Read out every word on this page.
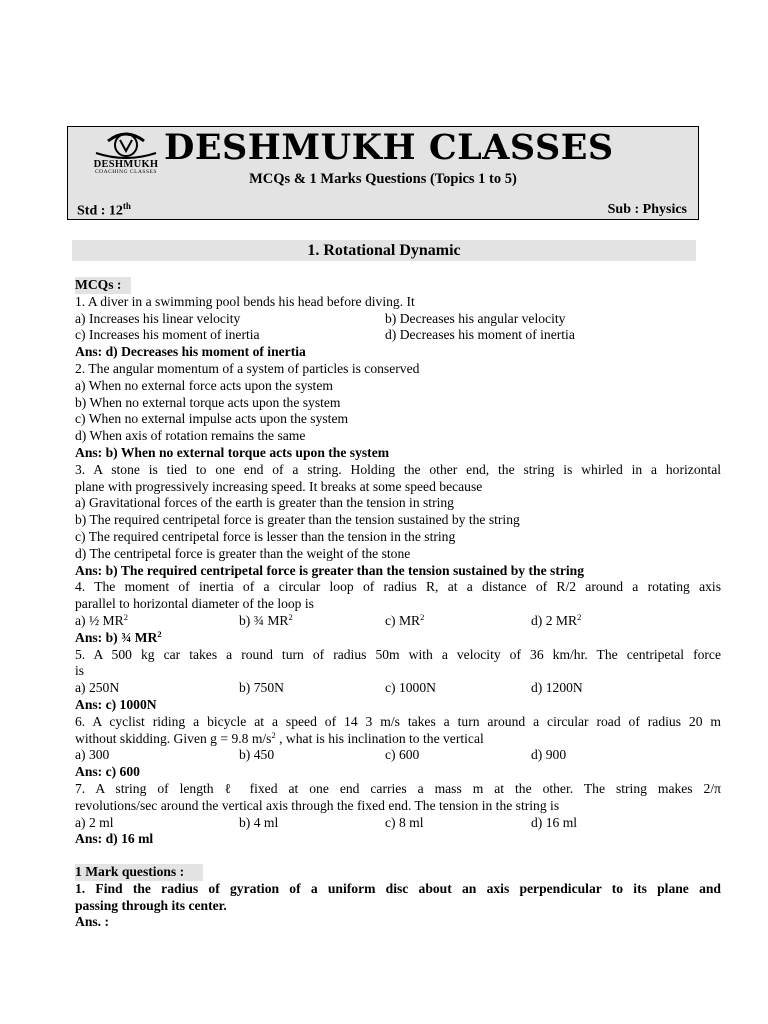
DESHMUKH
COACHING CLASSES
DESHMUKH CLASSES
MCQs & 1 Marks Questions (Topics 1 to 5)
Std : 12th	Sub : Physics
1. Rotational Dynamic
MCQs :
1. A diver in a swimming pool bends his head before diving. It
a) Increases his linear velocity	b) Decreases his angular velocity
c) Increases his moment of inertia	d) Decreases his moment of inertia
Ans: d) Decreases his moment of inertia
2. The angular momentum of a system of particles is conserved
a) When no external force acts upon the system
b) When no external torque acts upon the system
c) When no external impulse acts upon the system
d) When axis of rotation remains the same
Ans: b) When no external torque acts upon the system
3. A stone is tied to one end of a string. Holding the other end, the string is whirled in a horizontal
plane with progressively increasing speed. It breaks at some speed because
a) Gravitational forces of the earth is greater than the tension in string
b) The required centripetal force is greater than the tension sustained by the string
c) The required centripetal force is lesser than the tension in the string
d) The centripetal force is greater than the weight of the stone
Ans: b) The required centripetal force is greater than the tension sustained by the string
4. The moment of inertia of a circular loop of radius R, at a distance of R/2 around a rotating axis
parallel to horizontal diameter of the loop is
a) ½ $MR^2$	b) ¾ $MR^2$	c) $MR^2$	d) 2 $MR^2$
Ans: b) ¾ $MR^2$
5. A 500 kg car takes a round turn of radius 50m with a velocity of 36 km/hr. The centripetal force
is
a) 250N	b) 750N	c) 1000N	d) 1200N
Ans: c) 1000N
6. A cyclist riding a bicycle at a speed of 14 3 m/s takes a turn around a circular road of radius 20 m
without skidding. Given g = 9.8 $m/s^2$ , what is his inclination to the vertical
a) 300	b) 450	c) 600	d) 900
Ans: c) 600
7. A string of length ℓ fixed at one end carries a mass m at the other. The string makes 2/π
revolutions/sec around the vertical axis through the fixed end. The tension in the string is
a) 2 ml	b) 4 ml	c) 8 ml	d) 16 ml
Ans: d) 16 ml
1 Mark questions :
1. Find the radius of gyration of a uniform disc about an axis perpendicular to its plane and
passing through its center.
Ans. :
